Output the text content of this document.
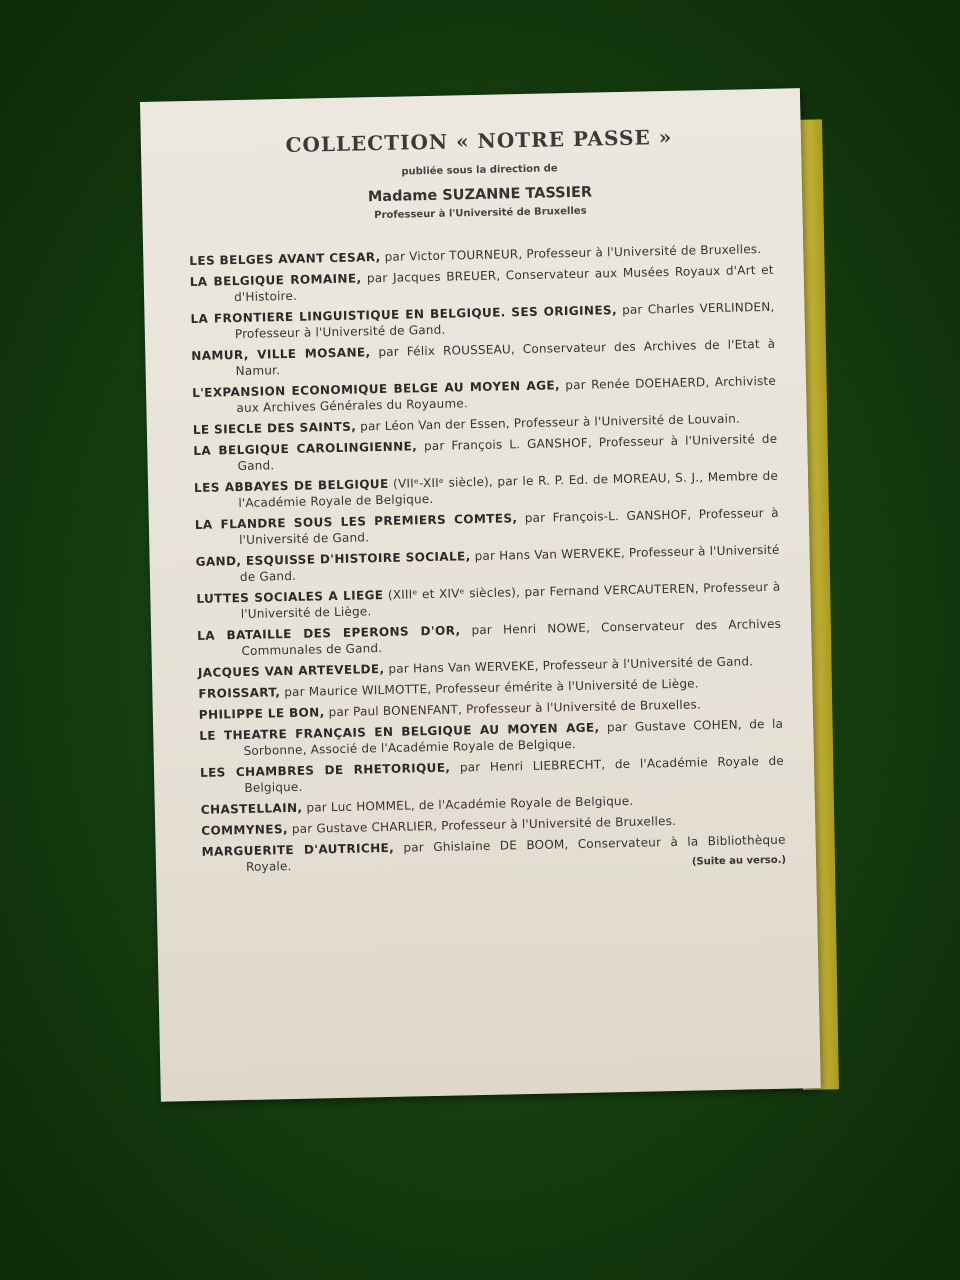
COLLECTION « NOTRE PASSE »
publiée sous la direction de
Madame SUZANNE TASSIER
Professeur à l'Université de Bruxelles
LES BELGES AVANT CESAR, par Victor TOURNEUR, Professeur à l'Université de Bruxelles.
LA BELGIQUE ROMAINE, par Jacques BREUER, Conservateur aux Musées Royaux d'Art et d'Histoire.
LA FRONTIERE LINGUISTIQUE EN BELGIQUE. SES ORIGINES, par Charles VERLINDEN, Professeur à l'Université de Gand.
NAMUR, VILLE MOSANE, par Félix ROUSSEAU, Conservateur des Archives de l'Etat à Namur.
L'EXPANSION ECONOMIQUE BELGE AU MOYEN AGE, par Renée DOEHAERD, Archiviste aux Archives Générales du Royaume.
LE SIECLE DES SAINTS, par Léon Van der Essen, Professeur à l'Université de Louvain.
LA BELGIQUE CAROLINGIENNE, par François L. GANSHOF, Professeur à l'Université de Gand.
LES ABBAYES DE BELGIQUE (VIIᵉ-XIIᵉ siècle), par le R. P. Ed. de MOREAU, S. J., Membre de l'Académie Royale de Belgique.
LA FLANDRE SOUS LES PREMIERS COMTES, par François-L. GANSHOF, Professeur à l'Université de Gand.
GAND, ESQUISSE D'HISTOIRE SOCIALE, par Hans Van WERVEKE, Professeur à l'Université de Gand.
LUTTES SOCIALES A LIEGE (XIIIᵉ et XIVᵉ siècles), par Fernand VERCAUTEREN, Professeur à l'Université de Liège.
LA BATAILLE DES EPERONS D'OR, par Henri NOWE, Conservateur des Archives Communales de Gand.
JACQUES VAN ARTEVELDE, par Hans Van WERVEKE, Professeur à l'Université de Gand.
FROISSART, par Maurice WILMOTTE, Professeur émérite à l'Université de Liège.
PHILIPPE LE BON, par Paul BONENFANT, Professeur à l'Université de Bruxelles.
LE THEATRE FRANÇAIS EN BELGIQUE AU MOYEN AGE, par Gustave COHEN, de la Sorbonne, Associé de l'Académie Royale de Belgique.
LES CHAMBRES DE RHETORIQUE, par Henri LIEBRECHT, de l'Académie Royale de Belgique.
CHASTELLAIN, par Luc HOMMEL, de l'Académie Royale de Belgique.
COMMYNES, par Gustave CHARLIER, Professeur à l'Université de Bruxelles.
MARGUERITE D'AUTRICHE, par Ghislaine DE BOOM, Conservateur à la Bibliothèque Royale.	(Suite au verso.)
